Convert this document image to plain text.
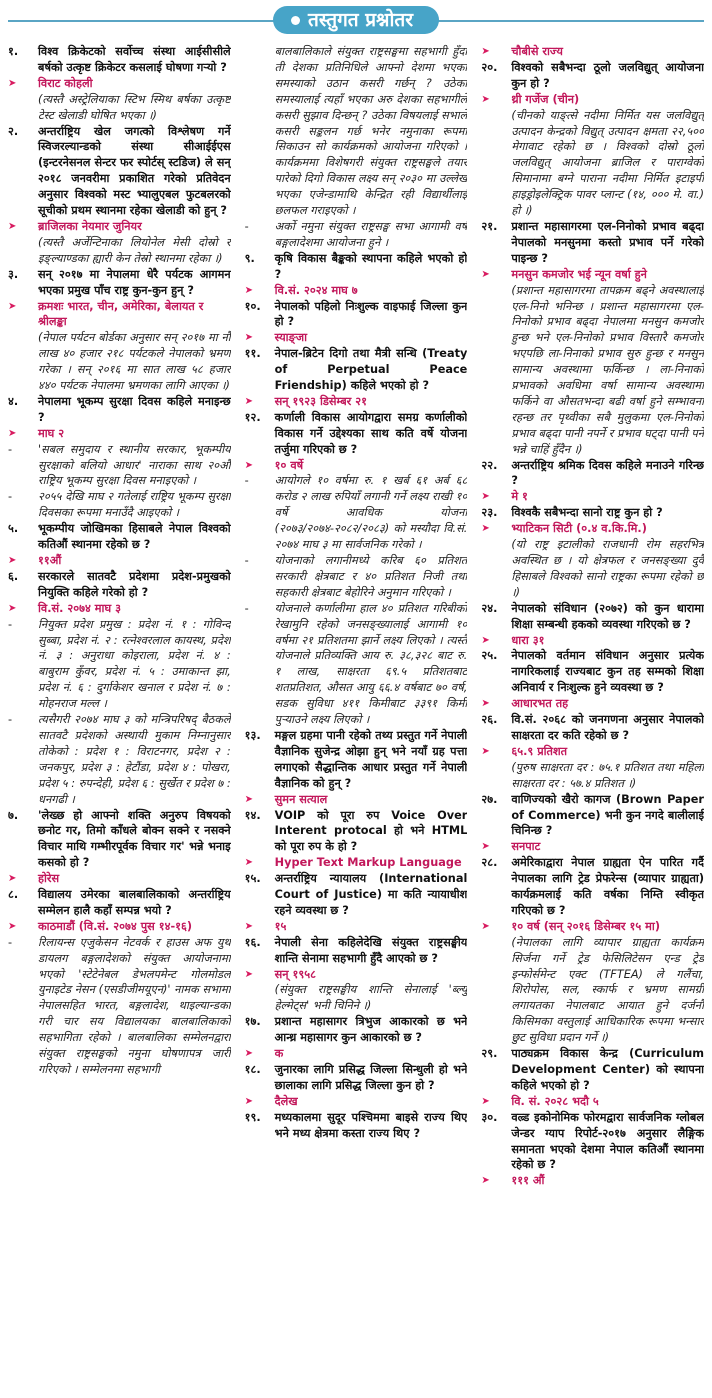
तस्तुगत प्रश्नोतर
१.	विश्व क्रिकेटको सर्वोच्च संस्था आईसीसीले बर्षको उत्कृष्ट क्रिकेटर कसलाई घोषणा गऱ्यो ?
➤	विराट कोहली
(त्यस्तै अस्ट्रेलियाका स्टिभ स्मिथ बर्षका उत्कृष्ट टेस्ट खेलाडी घोषित भएका ।)
२.	अन्तर्राष्ट्रिय खेल जगत्को विश्लेषण गर्ने स्विजरल्यान्डको संस्था सीआईईएस (इन्टरनेसनल सेन्टर फर स्पोर्टस् स्टडिज) ले सन् २०१८ जनवरीमा प्रकाशित गरेको प्रतिवेदन अनुसार विश्वको मस्ट भ्यालुएबल फुटबलरको सूचीको प्रथम स्थानमा रहेका खेलाडी को हुन् ?
➤	ब्राजिलका नेयमार जुनियर
(त्यस्तै अर्जेन्टिनाका लियोनेल मेसी दोस्रो र इङ्ल्याण्डका ह्यारी केन तेस्रो स्थानमा रहेका ।)
३.	सन् २०१७ मा नेपालमा धेरै पर्यटक आगमन भएका प्रमुख पाँच राष्ट्र कुन-कुन हुन् ?
➤	क्रमशः भारत, चीन, अमेरिका, बेलायत र श्रीलङ्का
(नेपाल पर्यटन बोर्डका अनुसार सन् २०१७ मा नौ लाख ४० हजार २१८ पर्यटकले नेपालको भ्रमण गरेका । सन् २०१६ मा सात लाख ५८ हजार ४४० पर्यटक नेपालमा भ्रमणका लागि आएका ।)
४.	नेपालमा भूकम्प सुरक्षा दिवस कहिले मनाइन्छ ?
➤	माघ २
-	'सबल समुदाय र स्थानीय सरकार, भूकम्पीय सुरक्षाको बलियो आधार' नाराका साथ २०औं राष्ट्रिय भूकम्प सुरक्षा दिवस मनाइएको ।
-	२०५५ देखि माघ २ गतेलाई राष्ट्रिय भूकम्प सुरक्षा दिवसका रूपमा मनाउँदै आइएको ।
५.	भूकम्पीय जोखिमका हिसाबले नेपाल विश्वको कतिऔं स्थानमा रहेको छ ?
➤	११औं
६.	सरकारले सातवटै प्रदेशमा प्रदेश-प्रमुखको नियुक्ति कहिले गरेको हो ?
➤	वि.सं. २०७४ माघ ३
-	नियुक्त प्रदेश प्रमुख : प्रदेश नं. १ : गोविन्द सुब्बा, प्रदेश नं. २ : रत्नेश्वरलाल कायस्थ, प्रदेश नं. ३ : अनुराधा कोइराला, प्रदेश नं. ४ : बाबुराम कुँवर, प्रदेश नं. ५ : उमाकान्त झा, प्रदेश नं. ६ : दुर्गाकेशर खनाल र प्रदेश नं. ७ : मोहनराज मल्ल ।
-	त्यसैगरी २०७४ माघ ३ को मन्त्रिपरिषद् बैठकले सातवटै प्रदेशको अस्थायी मुकाम निम्नानुसार तोकेको : प्रदेश १ : विराटनगर, प्रदेश २ : जनकपुर, प्रदेश ३ : हेटौंडा, प्रदेश ४ : पोखरा, प्रदेश ५ : रुपन्देही, प्रदेश ६ : सुर्खेत र प्रदेश ७ : धनगढी ।
७.	'लेख्छ हो आफ्नो शक्ति अनुरुप विषयको छनोट गर, तिमो काँधले बोक्न सक्ने र नसक्ने विचार माथि गम्भीरपूर्वक विचार गर' भन्ने भनाइ कसको हो ?
➤	होरेस
८.	विद्यालय उमेरका बालबालिकाको अन्तर्राष्ट्रिय सम्मेलन हालै कहाँ सम्पन्न भयो ?
➤	काठमाडौं (वि.सं. २०७४ पुस १४-१६)
-	रिलायन्स एजुकेसन नेटवर्क र हाउस अफ युथ डायलग बङ्गलादेशको संयुक्त आयोजनामा भएको 'स्टेटेनेबल डेभलपमेन्ट गोलमोडल युनाइटेड नेसन (एसडीजीमयूएन)' नामक सभामा नेपालसहित भारत, बङ्गलादेश, थाइल्यान्डका गरी चार सय विद्यालयका बालबालिकाको सहभागिता रहेको । बालबालिका सम्मेलनद्वारा संयुक्त राष्ट्रसङ्घको नमुना घोषणापत्र जारी गरिएको । सम्मेलनमा सहभागी
बालबालिकाले संयुक्त राष्ट्रसङ्घमा सहभागी हुँदा ती देशका प्रतिनिधिले आफ्नो देशमा भएका समस्याको उठान कसरी गर्छन् ? उठेका समस्यालाई त्यहाँ भएका अरु देशका सहभागीले कसरी सुझाव दिन्छन् ? उठेका विषयलाई सभाले कसरी सङ्कलन गर्छ भनेर नमुनाका रूपमा सिकाउन सो कार्यक्रमको आयोजना गरिएको । कार्यक्रममा विशेषगरी संयुक्त राष्ट्रसङ्घले तयार पारेको दिगो विकास लक्ष्य सन् २०३० मा उल्लेख भएका एजेन्डामाथि केन्द्रित रही विद्यार्थीलाई छलफल गराइएको ।
-	अर्को नमुना संयुक्त राष्ट्रसङ्घ सभा आगामी वर्ष बङ्गलादेशमा आयोजना हुने ।
९.	कृषि विकास बैङ्कको स्थापना कहिले भएको हो ?
➤	वि.सं. २०२४ माघ ७
१०.	नेपालको पहिलो निःशुल्क वाइफाई जिल्ला कुन हो ?
➤	स्याङ्जा
११.	नेपाल-ब्रिटेन दिगो तथा मैत्री सन्धि (Treaty of Perpetual Peace Friendship) कहिले भएको हो ?
➤	सन् १९२३ डिसेम्बर २१
१२.	कर्णाली विकास आयोगद्वारा समग्र कर्णालीको विकास गर्ने उद्देश्यका साथ कति वर्षे योजना तर्जुमा गरिएको छ ?
➤	१० वर्षे
-	आयोगले १० वर्षमा रु. १ खर्ब ६१ अर्ब ६८ करोड २ लाख रुपियाँ लगानी गर्ने लक्ष्य राखी १० वर्षे आवधिक योजना (२०७३/२०७४-२०८२/२०८३) को मस्यौदा वि.सं. २०७४ माघ ३ मा सार्वजनिक गरेको ।
-	योजनाको लगानीमध्ये करिब ६० प्रतिशत सरकारी क्षेत्रबाट र ४० प्रतिशत निजी तथा सहकारी क्षेत्रबाट बेहोरिने अनुमान गरिएको ।
-	योजनाले कर्णालीमा हाल ४० प्रतिशत गरिबीको रेखामुनि रहेको जनसङ्ख्यालाई आगामी १० वर्षमा २१ प्रतिशतमा झार्ने लक्ष्य लिएको । त्यस्तै योजनाले प्रतिव्यक्ति आय रु. ३८,३२८ बाट रु. १ लाख, साक्षरता ६९.५ प्रतिशतबाट शतप्रतिशत, औसत आयु ६६.४ वर्षबाट ७० वर्ष, सडक सुविधा ४११ किमीबाट ३३९१ किमी पुऱ्याउने लक्ष्य लिएको ।
१३.	मङ्गल ग्रहमा पानी रहेको तथ्य प्रस्तुत गर्ने नेपाली वैज्ञानिक सुजेन्द्र ओझा हुन् भने नयाँ ग्रह पत्ता लगाएको सैद्धान्तिक आधार प्रस्तुत गर्ने नेपाली वैज्ञानिक को हुन् ?
➤	सुमन सत्याल
१४.	VOIP को पूरा रुप Voice Over Interent protocal हो भने HTML को पूरा रुप के हो ?
➤	Hyper Text Markup Language
१५.	अन्तर्राष्ट्रिय न्यायालय (International Court of Justice) मा कति न्यायाधीश रहने व्यवस्था छ ?
➤	१५
१६.	नेपाली सेना कहिलेदेखि संयुक्त राष्ट्रसङ्घीय शान्ति सेनामा सहभागी हुँदै आएको छ ?
➤	सन् १९५८
(संयुक्त राष्ट्रसङ्घीय शान्ति सेनालाई 'ब्ल्यु हेल्मेट्स' भनी चिनिने ।)
१७.	प्रशान्त महासागर त्रिभुज आकारको छ भने आन्ध्र महासागर कुन आकारको छ ?
➤	क
१८.	जुनारका लागि प्रसिद्ध जिल्ला सिन्धुली हो भने छालाका लागि प्रसिद्ध जिल्ला कुन हो ?
➤	दैलेख
१९.	मध्यकालमा सुदूर पश्चिममा बाइसे राज्य थिए भने मध्य क्षेत्रमा कस्ता राज्य थिए ?
➤	चौबीसे राज्य
२०.	विश्वको सबैभन्दा ठूलो जलविद्युत् आयोजना कुन हो ?
➤	थ्री गर्जेज (चीन)
(चीनको याङ्त्से नदीमा निर्मित यस जलविद्युत् उत्पादन केन्द्रको विद्युत् उत्पादन क्षमता २२,५०० मेगावाट रहेको छ । विश्वको दोस्रो ठूलो जलविद्युत् आयोजना ब्राजिल र पाराग्वेको सिमानामा बग्ने पाराना नदीमा निर्मित इटाइपी हाइड्रोइलेक्ट्रिक पावर प्लान्ट (१४, ००० मे. वा.) हो ।)
२१.	प्रशान्त महासागरमा एल-निनोको प्रभाव बढ्दा नेपालको मनसुनमा कस्तो प्रभाव पर्ने गरेको पाइन्छ ?
➤	मनसुन कमजोर भई न्यून वर्षा हुने
(प्रशान्त महासागरमा तापक्रम बढ्ने अवस्थालाई एल-निनो भनिन्छ । प्रशान्त महासागरमा एल-निनोको प्रभाव बढ्दा नेपालमा मनसुन कमजोर हुन्छ भने एल-निनोको प्रभाव विस्तारै कमजोर भएपछि ला-निनाको प्रभाव सुरु हुन्छ र मनसुन सामान्य अवस्थामा फर्किन्छ । ला-निनाको प्रभावको अवधिमा वर्षा सामान्य अवस्थामा फर्किने वा औसतभन्दा बढी वर्षा हुने सम्भावना रहन्छ तर पृथ्वीका सबै मुलुकमा एल-निनोको प्रभाव बढ्दा पानी नपर्ने र प्रभाव घट्दा पानी पर्ने भन्ने चाहिं हुँदैन ।)
२२.	अन्तर्राष्ट्रिय श्रमिक दिवस कहिले मनाउने गरिन्छ ?
➤	मे १
२३.	विश्वकै सबैभन्दा सानो राष्ट्र कुन हो ?
➤	भ्याटिकन सिटी (०.४ व.कि.मि.)
(यो राष्ट्र इटालीको राजधानी रोम सहरभित्र अवस्थित छ । यो क्षेत्रफल र जनसङ्ख्या दुवै हिसाबले विश्वको सानो राष्ट्रका रूपमा रहेको छ ।)
२४.	नेपालको संविधान (२०७२) को कुन धारामा शिक्षा सम्बन्धी हकको व्यवस्था गरिएको छ ?
➤	धारा ३१
२५.	नेपालको वर्तमान संविधान अनुसार प्रत्येक नागरिकलाई राज्यबाट कुन तह सम्मको शिक्षा अनिवार्य र निःशुल्क हुने व्यवस्था छ ?
➤	आधारभत तह
२६.	वि.सं. २०६८ को जनगणना अनुसार नेपालको साक्षरता दर कति रहेको छ ?
➤	६५.९ प्रतिशत
(पुरुष साक्षरता दर : ७५.१ प्रतिशत तथा महिला साक्षरता दर : ५७.४ प्रतिशत ।)
२७.	वाणिज्यको खैरो कागज (Brown Paper of Commerce) भनी कुन नगदे बालीलाई चिनिन्छ ?
➤	सनपाट
२८.	अमेरिकाद्वारा नेपाल ग्राह्यता ऐन पारित गर्दै नेपालका लागि ट्रेड प्रेफरेन्स (व्यापार ग्राह्यता) कार्यक्रमलाई कति वर्षका निम्ति स्वीकृत गरिएको छ ?
➤	१० वर्ष (सन् २०१६ डिसेम्बर १५ मा)
(नेपालका लागि व्यापार ग्राह्यता कार्यक्रम सिर्जना गर्ने ट्रेड फेसिलिटेसन एन्ड ट्रेड इन्फोर्समेन्ट एक्ट (TFTEA) ले गलैंचा, शिरोपोस, सल, स्कार्फ र भ्रमण सामग्री लगायतका नेपालबाट आयात हुने दर्जनौं किसिमका वस्तुलाई आधिकारिक रूपमा भन्सार छुट सुविधा प्रदान गर्ने ।)
२९.	पाठ्यक्रम विकास केन्द्र (Curriculum Development Center) को स्थापना कहिले भएको हो ?
➤	वि. सं. २०२८ भदौ ५
३०.	वल्र्ड इकोनोमिक फोरमद्वारा सार्वजनिक ग्लोबल जेन्डर ग्याप रिपोर्ट-२०१७ अनुसार लैङ्गिक समानता भएको देशमा नेपाल कतिऔं स्थानमा रहेको छ ?
➤	१११ औं
